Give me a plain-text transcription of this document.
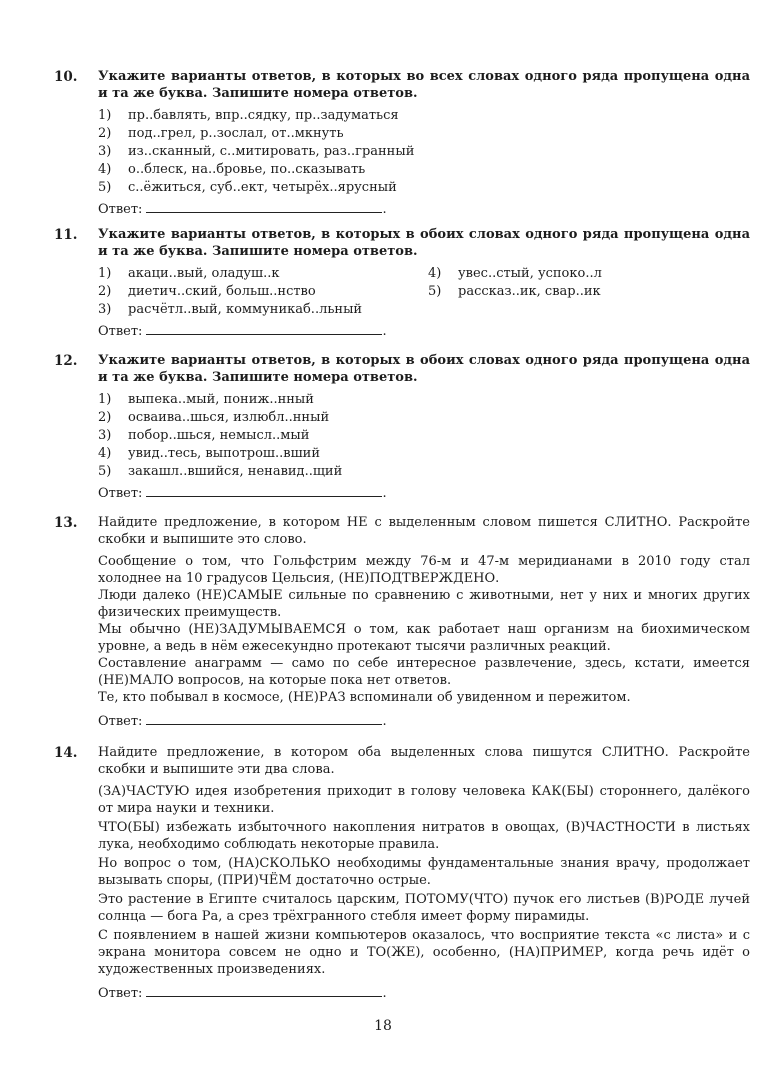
10. Укажите варианты ответов, в которых во всех словах одного ряда пропущена одна и та же буква. Запишите номера ответов.
1) пр..бавлять, впр..сядку, пр..задуматься
2) под..грел, р..зослал, от..мкнуть
3) из..сканный, с..митировать, раз..гранный
4) о..блеск, на..бровье, по..сказывать
5) с..ёжиться, суб..ект, четырёх..ярусный
Ответ:	.
11. Укажите варианты ответов, в которых в обоих словах одного ряда пропущена одна и та же буква. Запишите номера ответов.
1) акаци..вый, оладуш..к
2) диетич..ский, больш..нство
3) расчётл..вый, коммуникаб..льный
4) увес..стый, успоко..л
5) рассказ..ик, свар..ик
Ответ:	.
12. Укажите варианты ответов, в которых в обоих словах одного ряда пропущена одна и та же буква. Запишите номера ответов.
1) выпека..мый, пониж..нный
2) осваива..шься, излюбл..нный
3) побор..шься, немысл..мый
4) увид..тесь, выпотрош..вший
5) закашл..вшийся, ненавид..щий
Ответ:	.
13. Найдите предложение, в котором НЕ с выделенным словом пишется СЛИТНО. Раскройте скобки и выпишите это слово.
Сообщение о том, что Гольфстрим между 76-м и 47-м меридианами в 2010 году стал холоднее на 10 градусов Цельсия, (НЕ)ПОДТВЕРЖДЕНО.
Люди далеко (НЕ)САМЫЕ сильные по сравнению с животными, нет у них и многих других физических преимуществ.
Мы обычно (НЕ)ЗАДУМЫВАЕМСЯ о том, как работает наш организм на биохимическом уровне, а ведь в нём ежесекундно протекают тысячи различных реакций.
Составление анаграмм — само по себе интересное развлечение, здесь, кстати, имеется (НЕ)МАЛО вопросов, на которые пока нет ответов.
Те, кто побывал в космосе, (НЕ)РАЗ вспоминали об увиденном и пережитом.
Ответ:	.
14. Найдите предложение, в котором оба выделенных слова пишутся СЛИТНО. Раскройте скобки и выпишите эти два слова.
(ЗА)ЧАСТУЮ идея изобретения приходит в голову человека КАК(БЫ) стороннего, далёкого от мира науки и техники.
ЧТО(БЫ) избежать избыточного накопления нитратов в овощах, (В)ЧАСТНОСТИ в листьях лука, необходимо соблюдать некоторые правила.
Но вопрос о том, (НА)СКОЛЬКО необходимы фундаментальные знания врачу, продолжает вызывать споры, (ПРИ)ЧЁМ достаточно острые.
Это растение в Египте считалось царским, ПОТОМУ(ЧТО) пучок его листьев (В)РОДЕ лучей солнца — бога Ра, а срез трёхгранного стебля имеет форму пирамиды.
С появлением в нашей жизни компьютеров оказалось, что восприятие текста «с листа» и с экрана монитора совсем не одно и ТО(ЖЕ), особенно, (НА)ПРИМЕР, когда речь идёт о художественных произведениях.
Ответ:	.
18
